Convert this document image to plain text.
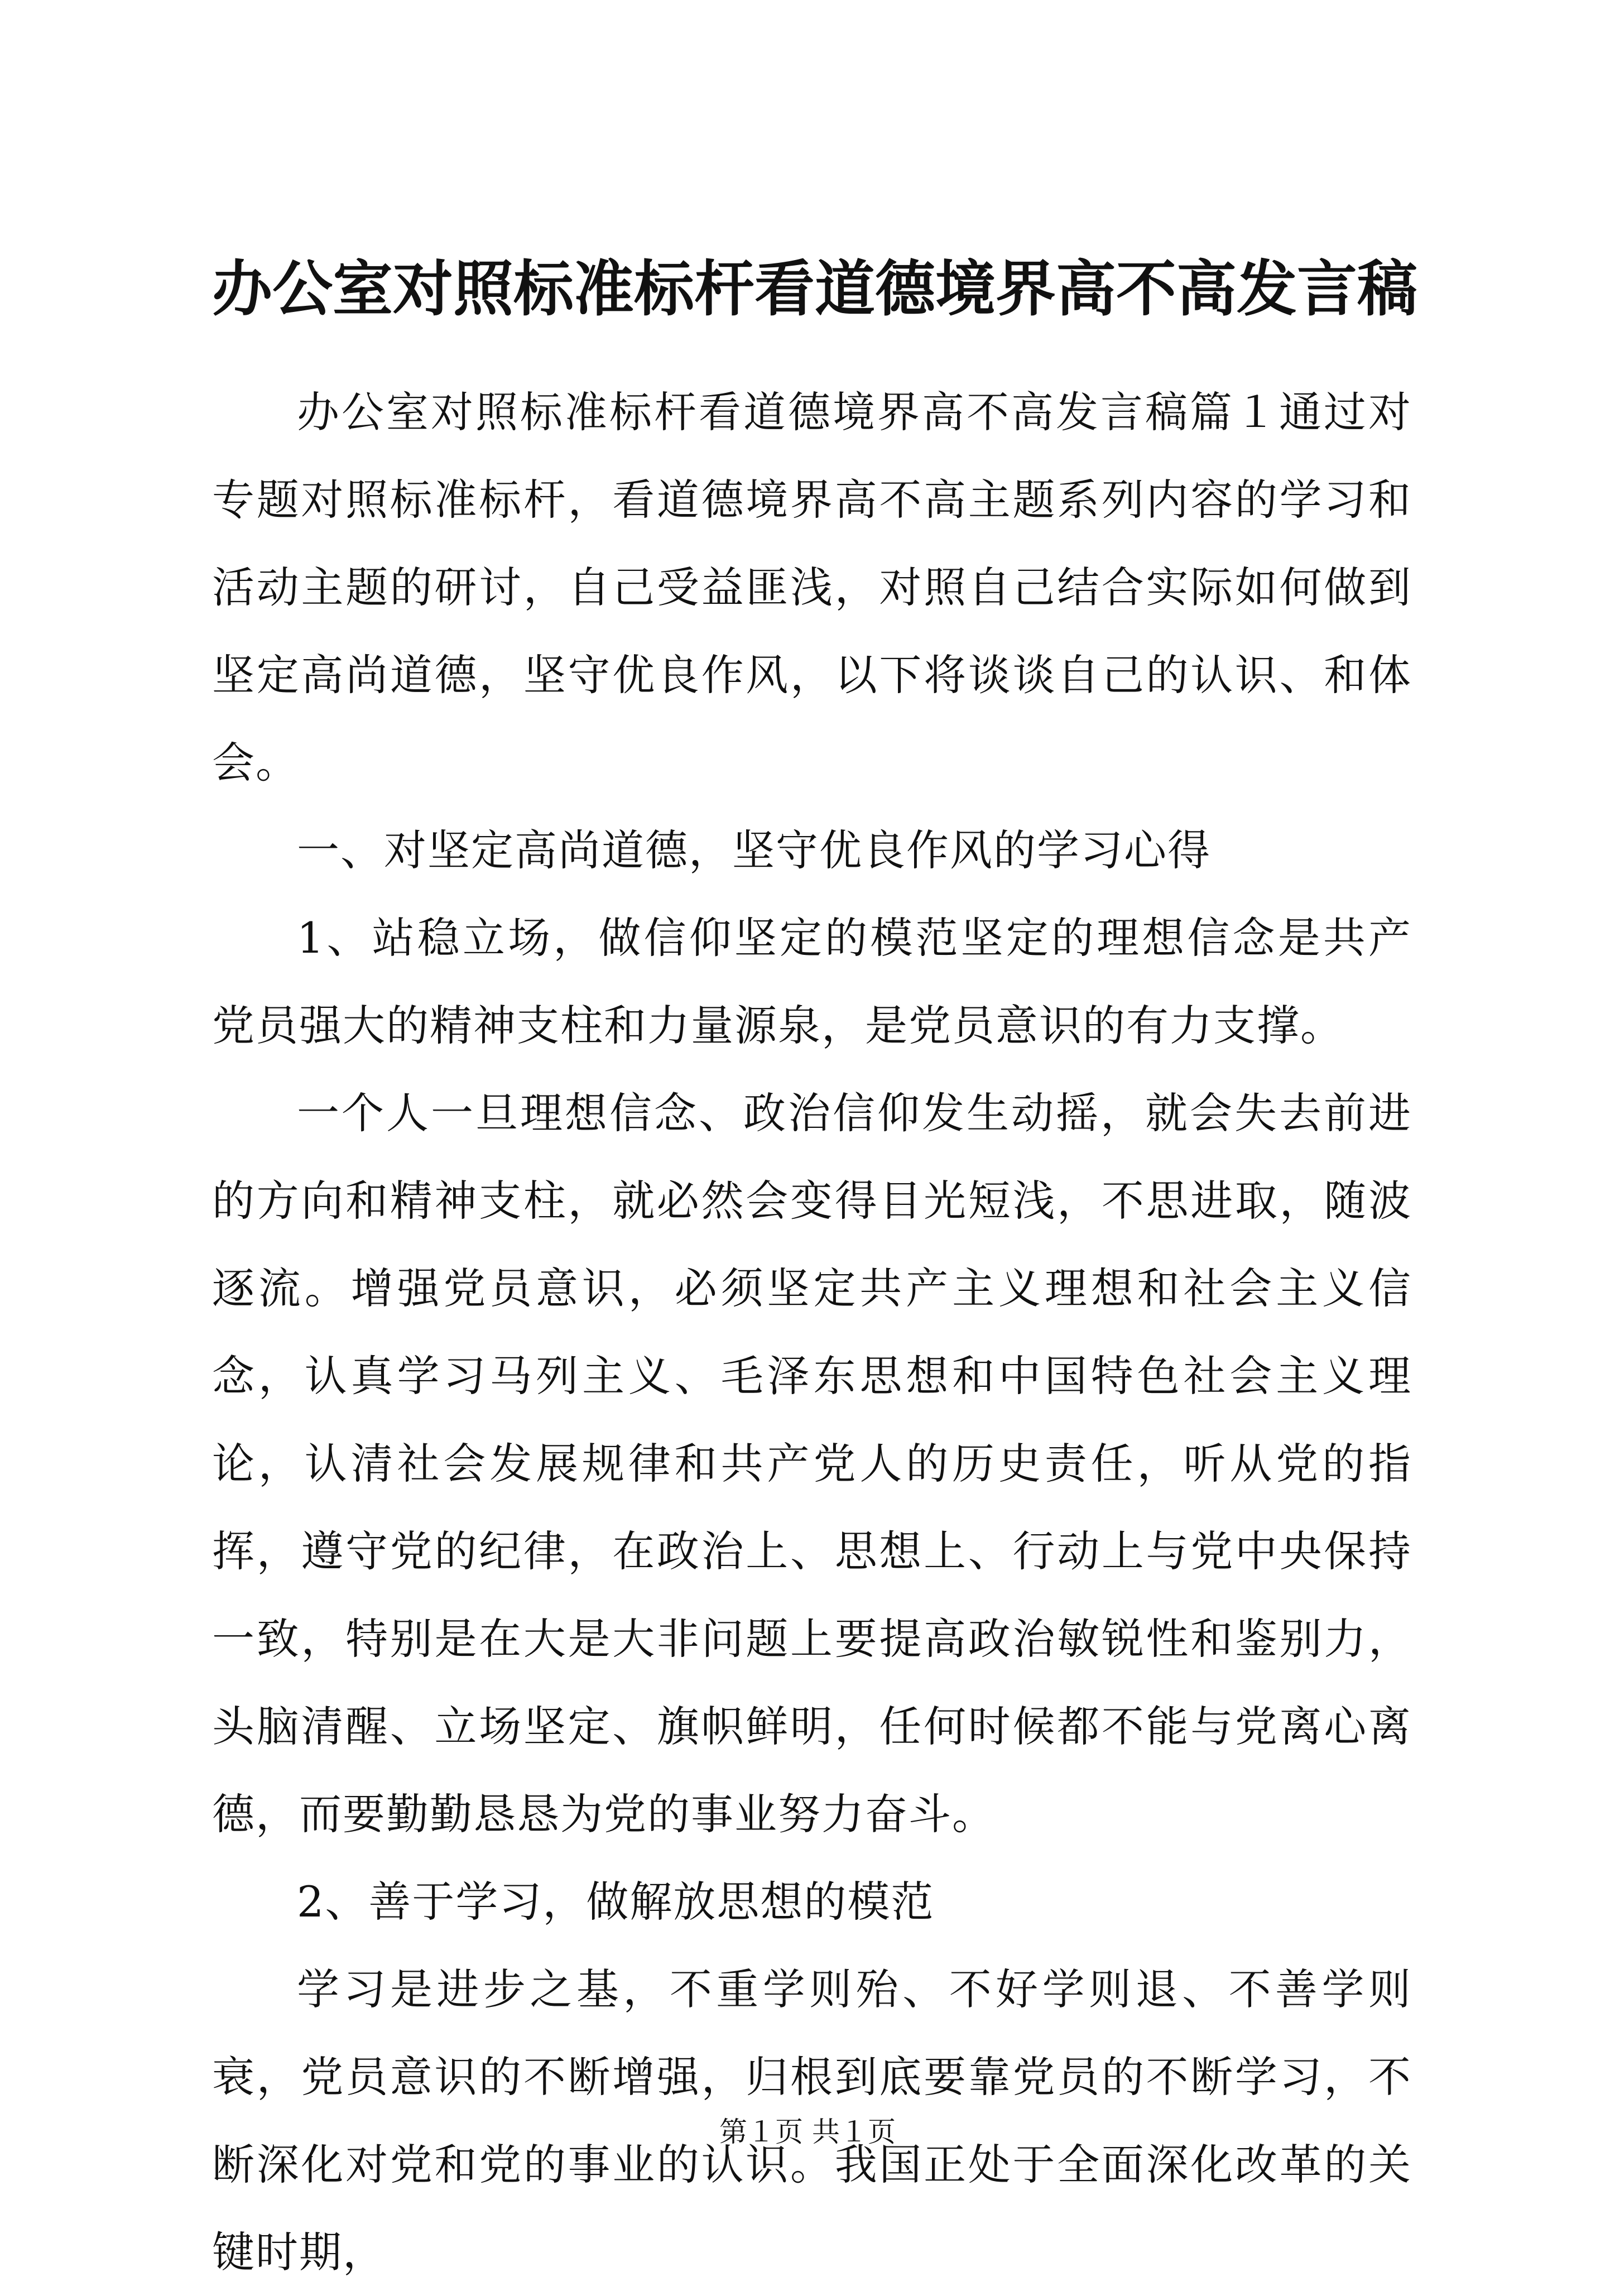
办公室对照标准标杆看道德境界高不高发言稿

办公室对照标准标杆看道德境界高不高发言稿篇１通过对专题对照标准标杆，看道德境界高不高主题系列内容的学习和活动主题的研讨，自己受益匪浅，对照自己结合实际如何做到坚定高尚道德，坚守优良作风，以下将谈谈自己的认识、和体会。

一、对坚定高尚道德，坚守优良作风的学习心得

1、站稳立场，做信仰坚定的模范坚定的理想信念是共产党员强大的精神支柱和力量源泉，是党员意识的有力支撑。

一个人一旦理想信念、政治信仰发生动摇，就会失去前进的方向和精神支柱，就必然会变得目光短浅，不思进取，随波逐流。增强党员意识，必须坚定共产主义理想和社会主义信念，认真学习马列主义、毛泽东思想和中国特色社会主义理论，认清社会发展规律和共产党人的历史责任，听从党的指挥，遵守党的纪律，在政治上、思想上、行动上与党中央保持一致，特别是在大是大非问题上要提高政治敏锐性和鉴别力，头脑清醒、立场坚定、旗帜鲜明，任何时候都不能与党离心离德，而要勤勤恳恳为党的事业努力奋斗。

2、善于学习，做解放思想的模范

学习是进步之基，不重学则殆、不好学则退、不善学则衰，党员意识的不断增强，归根到底要靠党员的不断学习，不断深化对党和党的事业的认识。我国正处于全面深化改革的关键时期，

第１页 共１页
